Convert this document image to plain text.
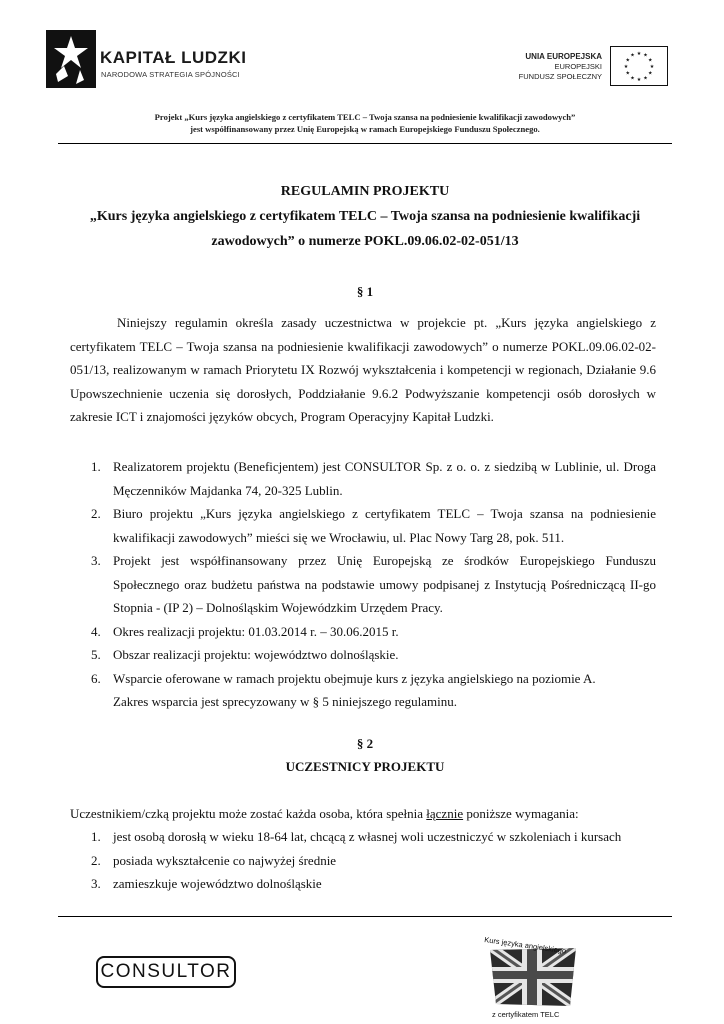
KAPITAŁ LUDZKI
NARODOWA STRATEGIA SPÓJNOŚCI
UNIA EUROPEJSKA
EUROPEJSKI
FUNDUSZ SPOŁECZNY
★ ★
★
★
★
★
★
★
★
★
★
★
Projekt „Kurs języka angielskiego z certyfikatem TELC – Twoja szansa na podniesienie kwalifikacji zawodowych”
jest współfinansowany przez Unię Europejską w ramach Europejskiego Funduszu Społecznego.
REGULAMIN PROJEKTU
„Kurs języka angielskiego z certyfikatem TELC – Twoja szansa na podniesienie kwalifikacji
zawodowych” o numerze POKL.09.06.02-02-051/13
§ 1
Niniejszy regulamin określa zasady uczestnictwa w projekcie pt. „Kurs języka angielskiego z certyfikatem TELC – Twoja szansa na podniesienie kwalifikacji zawodowych” o numerze POKL.09.06.02-02-051/13, realizowanym w ramach Priorytetu IX Rozwój wykształcenia i kompetencji w regionach, Działanie 9.6 Upowszechnienie uczenia się dorosłych, Poddziałanie 9.6.2 Podwyższanie kompetencji osób dorosłych w zakresie ICT i znajomości języków obcych, Program Operacyjny Kapitał Ludzki.
1. Realizatorem projektu (Beneficjentem) jest CONSULTOR Sp. z o. o. z siedzibą w Lublinie, ul. Droga Męczenników Majdanka 74, 20-325 Lublin.
2. Biuro projektu „Kurs języka angielskiego z certyfikatem TELC – Twoja szansa na podniesienie kwalifikacji zawodowych” mieści się we Wrocławiu, ul. Plac Nowy Targ 28, pok. 511.
3. Projekt jest współfinansowany przez Unię Europejską ze środków Europejskiego Funduszu Społecznego oraz budżetu państwa na podstawie umowy podpisanej z Instytucją Pośredniczącą II-go Stopnia - (IP 2) – Dolnośląskim Wojewódzkim Urzędem Pracy.
4. Okres realizacji projektu: 01.03.2014 r. – 30.06.2015 r.
5. Obszar realizacji projektu: województwo dolnośląskie.
6. Wsparcie oferowane w ramach projektu obejmuje kurs z języka angielskiego na poziomie A.
Zakres wsparcia jest sprecyzowany w § 5 niniejszego regulaminu.
§ 2
UCZESTNICY PROJEKTU
Uczestnikiem/czką projektu może zostać każda osoba, która spełnia łącznie poniższe wymagania:
1. jest osobą dorosłą w wieku 18-64 lat, chcącą z własnej woli uczestniczyć w szkoleniach i kursach
2. posiada wykształcenie co najwyżej średnie
3. zamieszkuje województwo dolnośląskie
CONSULTOR
Kurs języka angielskiego
z certyfikatem TELC
